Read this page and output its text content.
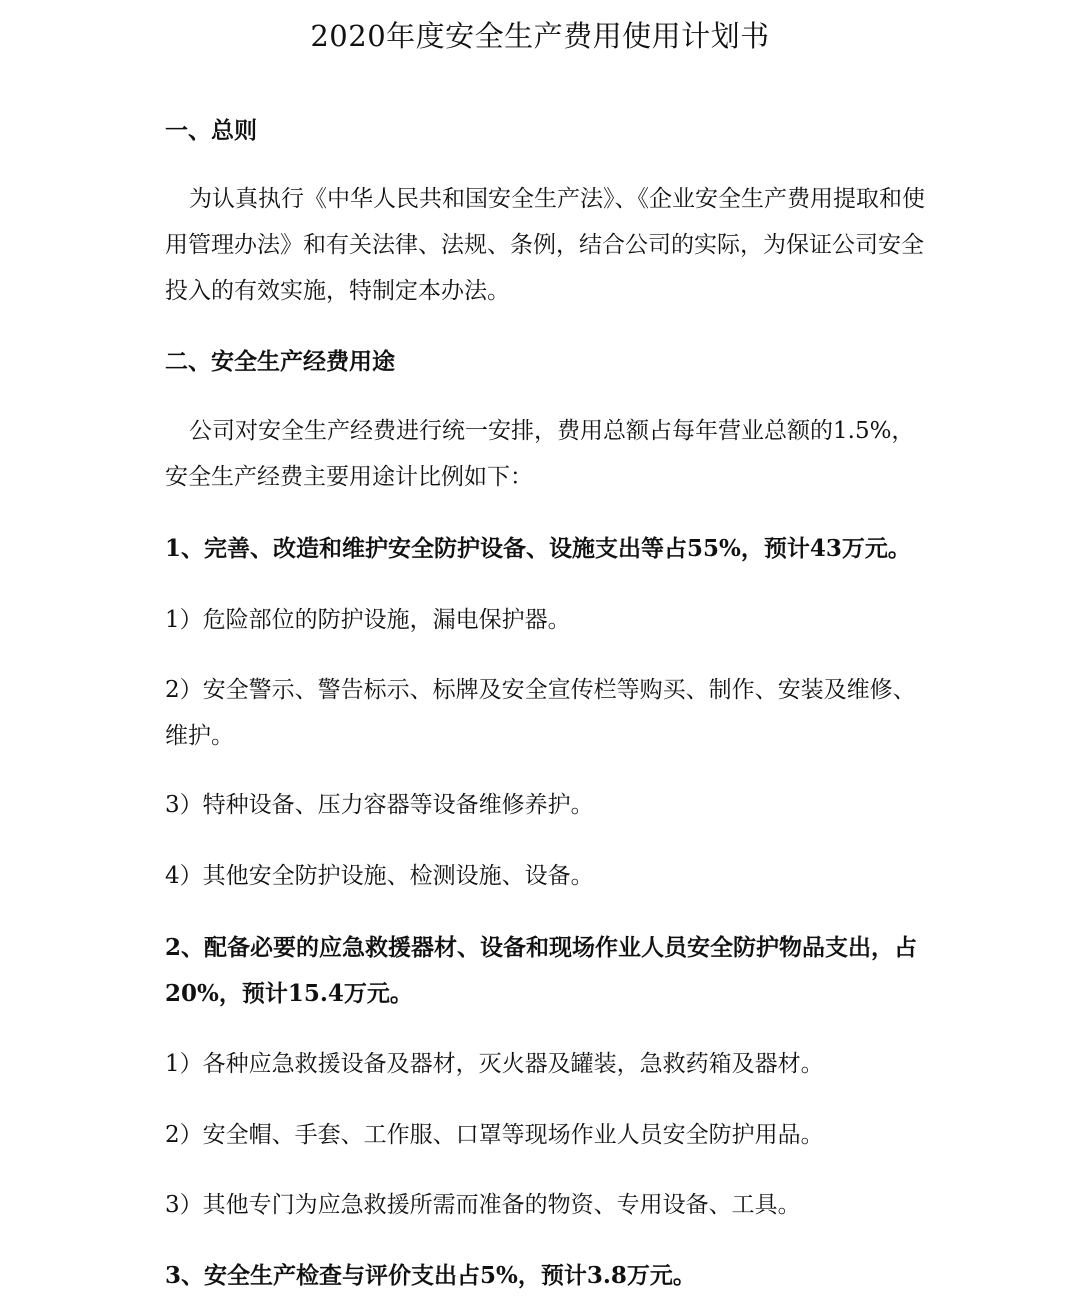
2020年度安全生产费用使用计划书

一、总则

为认真执行《中华人民共和国安全生产法》、《企业安全生产费用提取和使用管理办法》和有关法律、法规、条例，结合公司的实际，为保证公司安全投入的有效实施，特制定本办法。

二、安全生产经费用途

公司对安全生产经费进行统一安排，费用总额占每年营业总额的1.5%，安全生产经费主要用途计比例如下：

1、完善、改造和维护安全防护设备、设施支出等占55%，预计43万元。

1）危险部位的防护设施，漏电保护器。

2）安全警示、警告标示、标牌及安全宣传栏等购买、制作、安装及维修、维护。

3）特种设备、压力容器等设备维修养护。

4）其他安全防护设施、检测设施、设备。

2、配备必要的应急救援器材、设备和现场作业人员安全防护物品支出，占20%，预计15.4万元。

1）各种应急救援设备及器材，灭火器及罐装，急救药箱及器材。

2）安全帽、手套、工作服、口罩等现场作业人员安全防护用品。

3）其他专门为应急救援所需而准备的物资、专用设备、工具。

3、安全生产检查与评价支出占5%，预计3.8万元。
